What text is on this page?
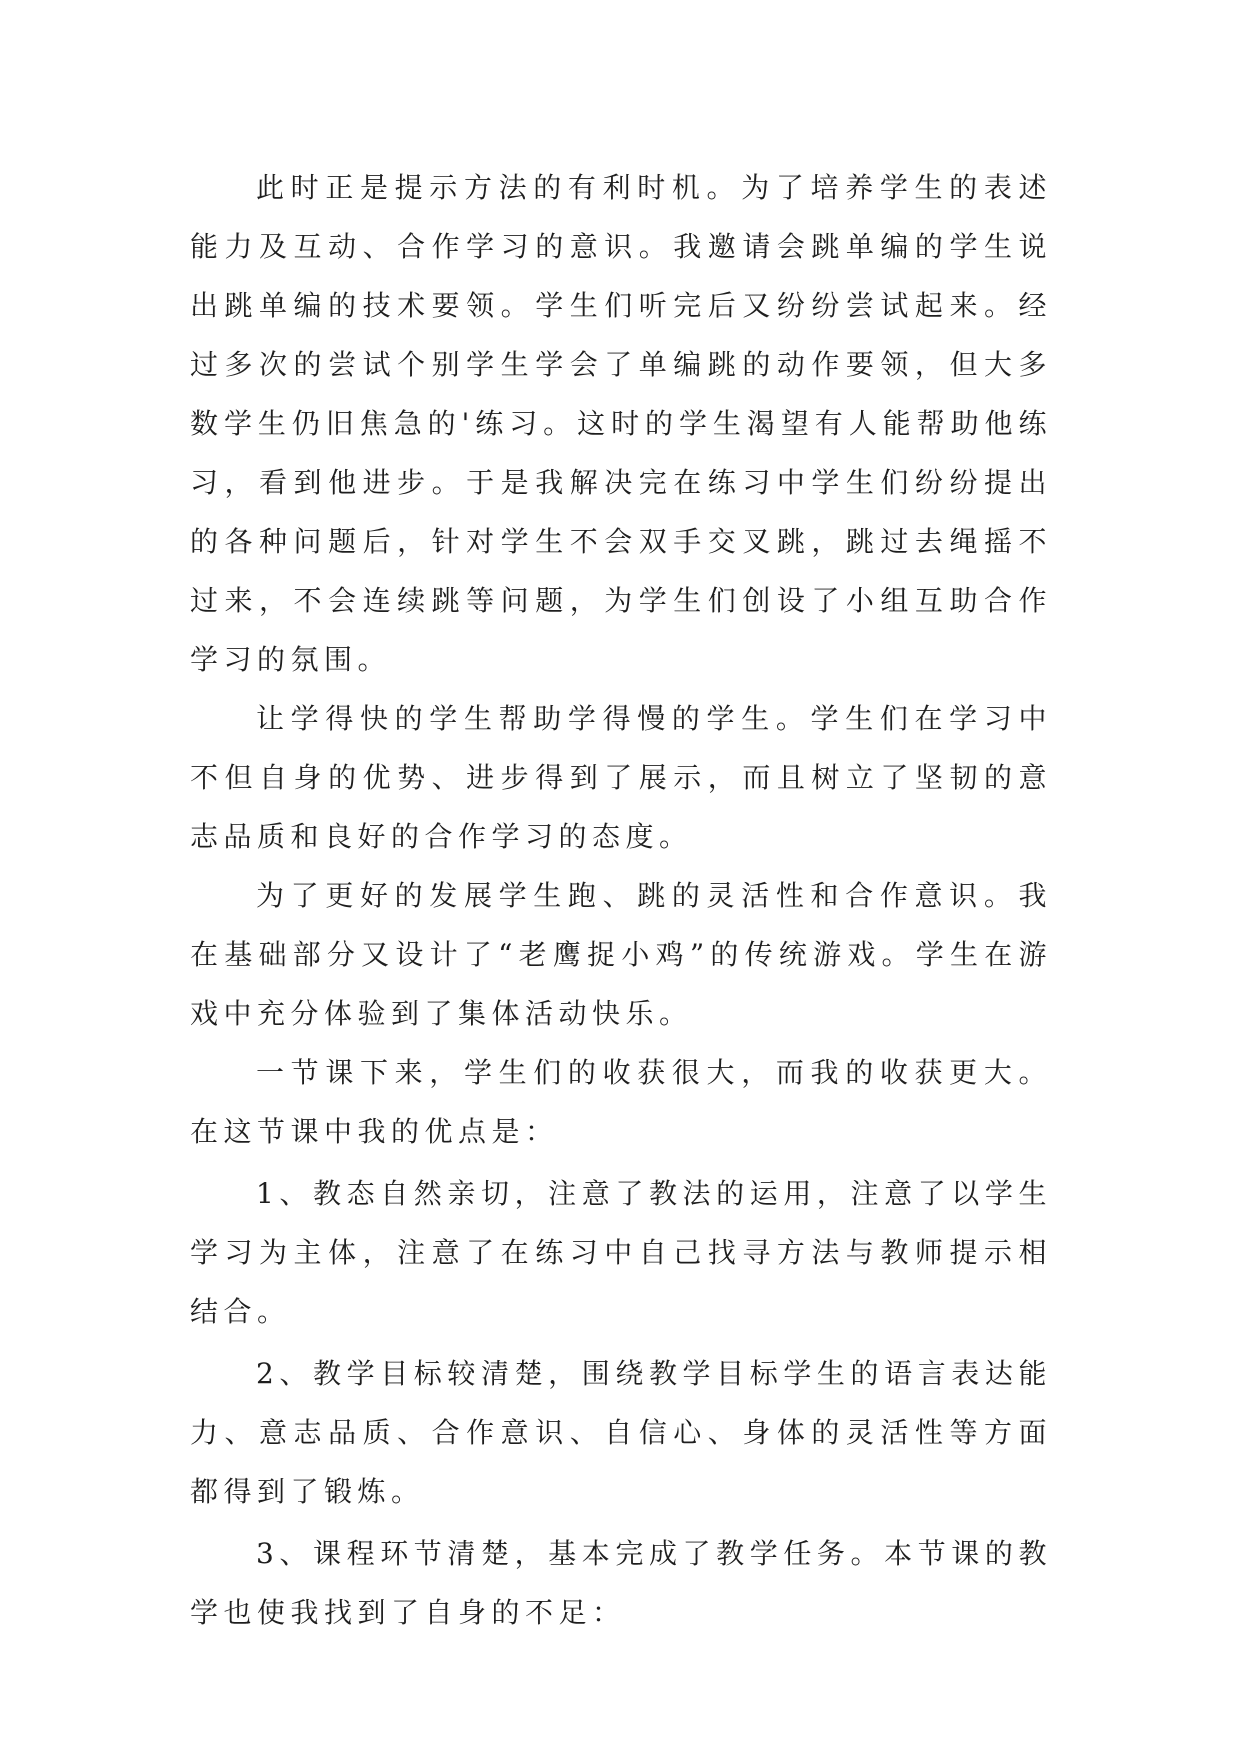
此时正是提示方法的有利时机。为了培养学生的表述能力及互动、合作学习的意识。我邀请会跳单编的学生说出跳单编的技术要领。学生们听完后又纷纷尝试起来。经过多次的尝试个别学生学会了单编跳的动作要领，但大多数学生仍旧焦急的'练习。这时的学生渴望有人能帮助他练习，看到他进步。于是我解决完在练习中学生们纷纷提出的各种问题后，针对学生不会双手交叉跳，跳过去绳摇不过来，不会连续跳等问题，为学生们创设了小组互助合作学习的氛围。

让学得快的学生帮助学得慢的学生。学生们在学习中不但自身的优势、进步得到了展示，而且树立了坚韧的意志品质和良好的合作学习的态度。

为了更好的发展学生跑、跳的灵活性和合作意识。我在基础部分又设计了“老鹰捉小鸡”的传统游戏。学生在游戏中充分体验到了集体活动快乐。

一节课下来，学生们的收获很大，而我的收获更大。在这节课中我的优点是：

1、教态自然亲切，注意了教法的运用，注意了以学生学习为主体，注意了在练习中自己找寻方法与教师提示相结合。

2、教学目标较清楚，围绕教学目标学生的语言表达能力、意志品质、合作意识、自信心、身体的灵活性等方面都得到了锻炼。

3、课程环节清楚，基本完成了教学任务。本节课的教学也使我找到了自身的不足：
